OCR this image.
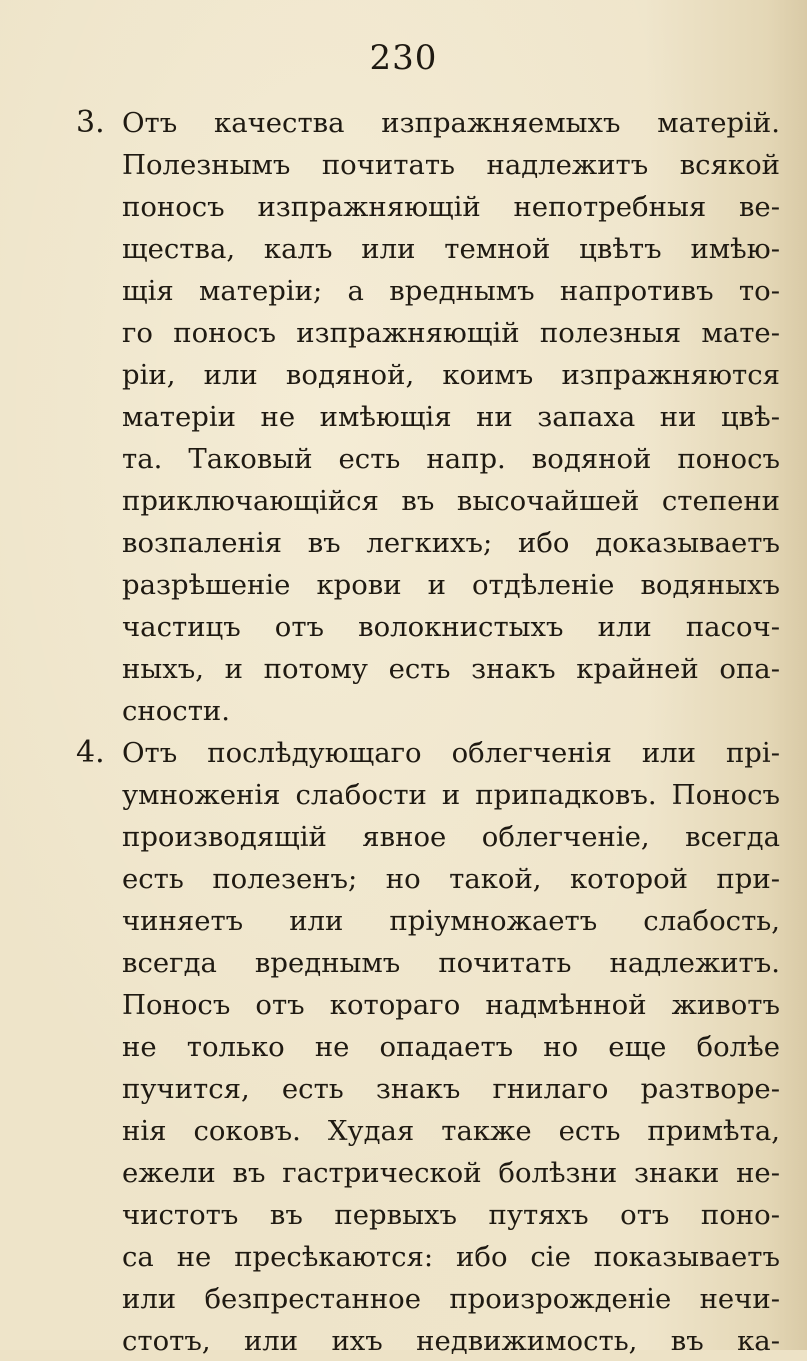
230
3. Отъ качества изпражняемыхъ матерій.
Полезнымъ почитать надлежитъ всякой
поносъ изпражняющій непотребныя ве-
щества, калъ или темной цвѣтъ имѣю-
щія матеріи; а вреднымъ напротивъ то-
го поносъ изпражняющій полезныя мате-
ріи, или водяной, коимъ изпражняются
матеріи не имѣющія ни запаха ни цвѣ-
та. Таковый есть напр. водяной поносъ
приключающійся въ высочайшей степени
возпаленія въ легкихъ; ибо доказываетъ
разрѣшеніе крови и отдѣленіе водяныхъ
частицъ отъ волокнистыхъ или пасоч-
ныхъ, и потому есть знакъ крайней опа-
сности.
4. Отъ послѣдующаго облегченія или прі-
умноженія слабости и припадковъ. Поносъ
производящій явное облегченіе, всегда
есть полезенъ; но такой, которой при-
чиняетъ или пріумножаетъ слабость,
всегда вреднымъ почитать надлежитъ.
Поносъ отъ котораго надмѣнной животъ
не только не опадаетъ но еще болѣе
пучится, есть знакъ гнилаго разтворе-
нія соковъ. Худая также есть примѣта,
ежели въ гастрической болѣзни знаки не-
чистотъ въ первыхъ путяхъ отъ поно-
са не пресѣкаются: ибо сіе показываетъ
или безпрестанное произрожденіе нечи-
стотъ, или ихъ недвижимость, въ ка-
